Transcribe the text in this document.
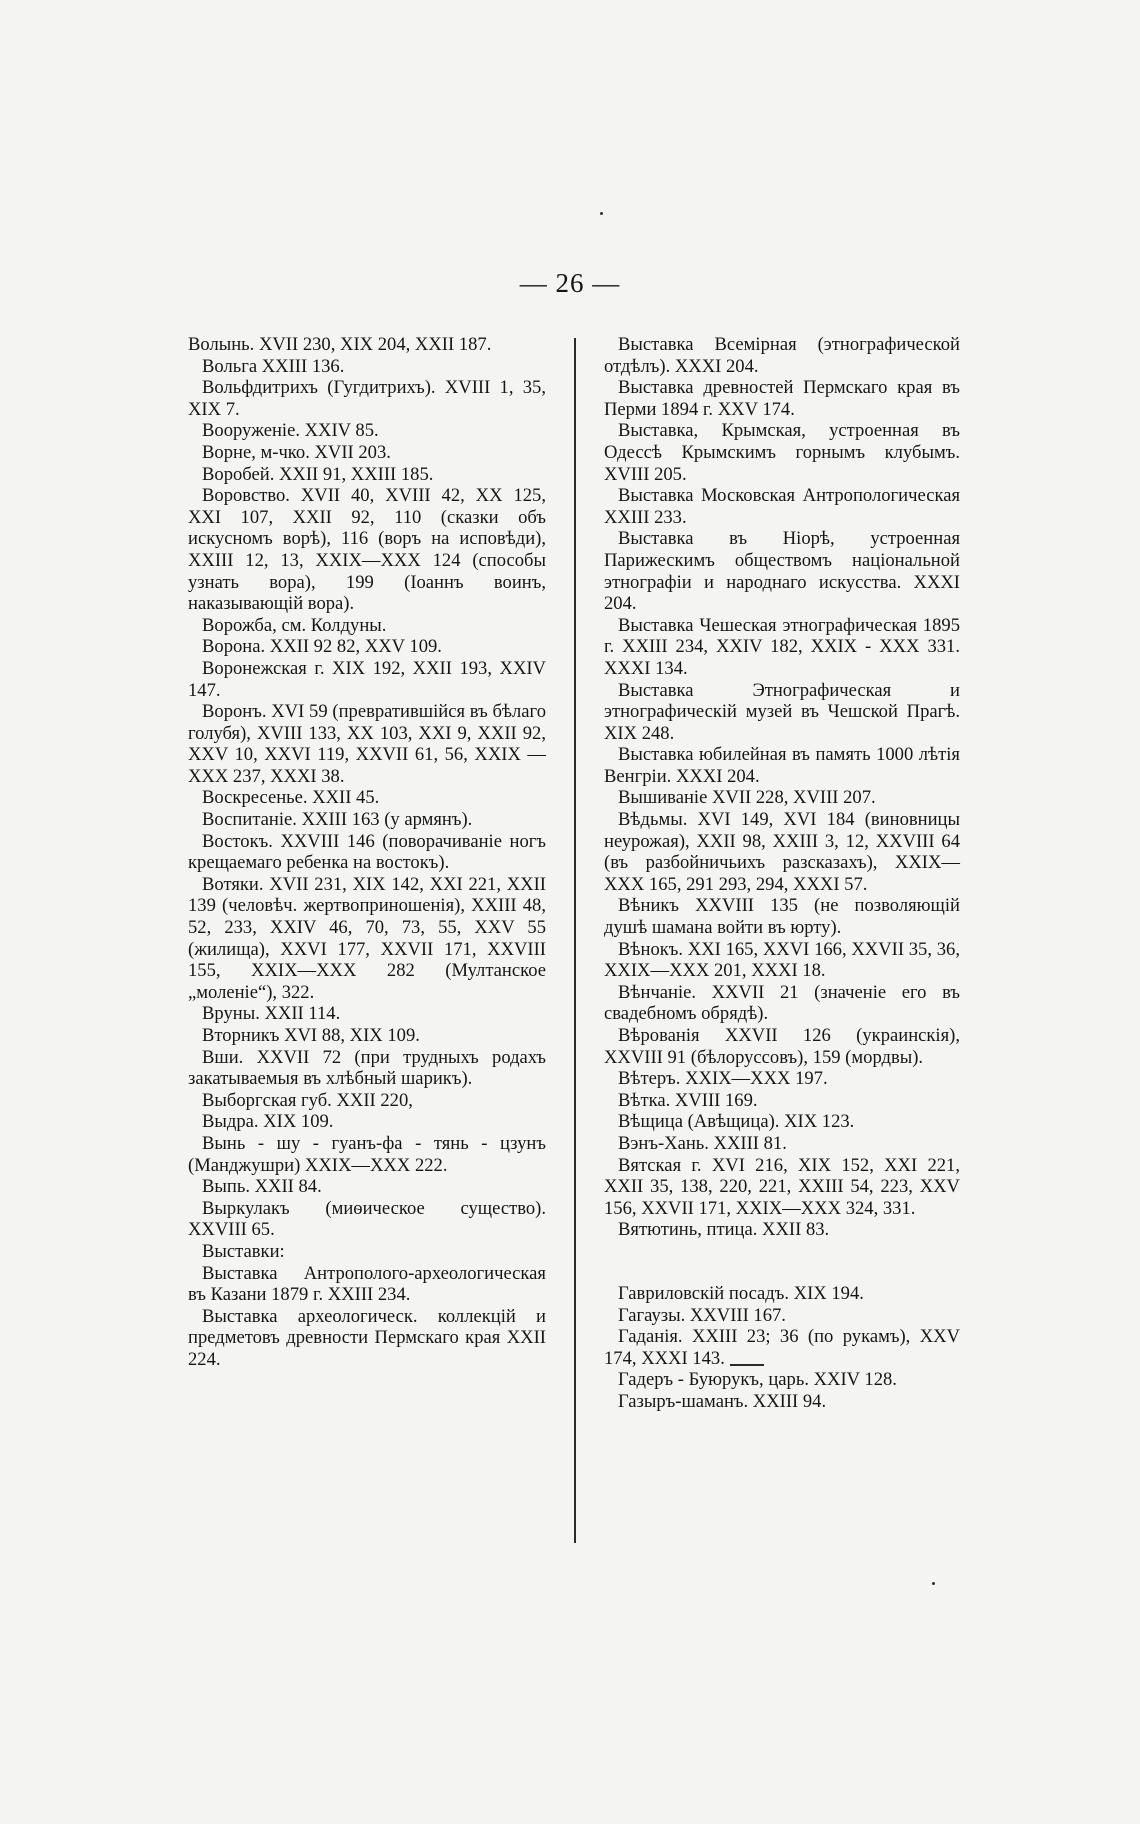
— 26 —

Волынь. XVII 230, XIX 204, XXII 187.

Вольга XXIII 136.

Вольфдитрихъ (Гугдитрихъ). XVIII 1, 35, XIX 7.

Вооруженіе. XXIV 85.

Ворне, м-чко. XVII 203.

Воробей. XXII 91, XXIII 185.

Воровство. XVII 40, XVIII 42, XX 125, XXI 107, XXII 92, 110 (сказки объ искусномъ ворѣ), 116 (воръ на исповѣди), XXIII 12, 13, XXIX—XXX 124 (способы узнать вора), 199 (Іоаннъ воинъ, наказывающій вора).

Ворожба, см. Колдуны.

Ворона. XXII 92 82, XXV 109.

Воронежская г. XIX 192, XXII 193, XXIV 147.

Воронъ. XVI 59 (превратившійся въ бѣлаго голубя), XVIII 133, XX 103, XXI 9, XXII 92, XXV 10, XXVI 119, XXVII 61, 56, XXIX — XXX 237, XXXI 38.

Воскресенье. XXII 45.

Воспитаніе. XXIII 163 (у армянъ).

Востокъ. XXVIII 146 (поворачиваніе ногъ крещаемаго ребенка на востокъ).

Вотяки. XVII 231, XIX 142, XXI 221, XXII 139 (человѣч. жертвоприношенія), XXIII 48, 52, 233, XXIV 46, 70, 73, 55, XXV 55 (жилища), XXVI 177, XXVII 171, XXVIII 155, XXIX—XXX 282 (Мултанское „моленіе“), 322.

Вруны. XXII 114.

Вторникъ XVI 88, XIX 109.

Вши. XXVII 72 (при трудныхъ родахъ закатываемыя въ хлѣбный шарикъ).

Выборгская губ. XXII 220,

Выдра. XIX 109.

Вынь - шу - гуанъ-фа - тянь - цзунъ (Манджушри) XXIX—XXX 222.

Выпь. XXII 84.

Выркулакъ (миѳическое существо). XXVIII 65.

Выставки:

Выставка Антрополого-археологическая въ Казани 1879 г. XXIII 234.

Выставка археологическ. коллекцій и предметовъ древности Пермскаго края XXII 224.

Выставка Всемірная (этнографической отдѣлъ). XXXI 204.

Выставка древностей Пермскаго края въ Перми 1894 г. XXV 174.

Выставка, Крымская, устроенная въ Одессѣ Крымскимъ горнымъ клубымъ. XVIII 205.

Выставка Московская Антропологическая XXIII 233.

Выставка въ Ніорѣ, устроенная Парижескимъ обществомъ національной этнографіи и народнаго искусства. XXXI 204.

Выставка Чешеская этнографическая 1895 г. XXIII 234, XXIV 182, XXIX - XXX 331. XXXI 134.

Выставка Этнографическая и этнографическій музей въ Чешской Прагѣ. XIX 248.

Выставка юбилейная въ память 1000 лѣтія Венгріи. XXXI 204.

Вышиваніе XVII 228, XVIII 207.

Вѣдьмы. XVI 149, XVI 184 (виновницы неурожая), XXII 98, XXIII 3, 12, XXVIII 64 (въ разбойничьихъ разсказахъ), XXIX—XXX 165, 291 293, 294, XXXI 57.

Вѣникъ XXVIII 135 (не позволяющій душѣ шамана войти въ юрту).

Вѣнокъ. XXI 165, XXVI 166, XXVII 35, 36, XXIX—XXX 201, XXXI 18.

Вѣнчаніе. XXVII 21 (значеніе его въ свадебномъ обрядѣ).

Вѣрованія XXVII 126 (украинскія), XXVIII 91 (бѣлоруссовъ), 159 (мордвы).

Вѣтеръ. XXIX—XXX 197.

Вѣтка. XVIII 169.

Вѣщица (Авѣщица). XIX 123.

Вэнъ-Хань. XXIII 81.

Вятская г. XVI 216, XIX 152, XXI 221, XXII 35, 138, 220, 221, XXIII 54, 223, XXV 156, XXVII 171, XXIX—XXX 324, 331.

Вятютинь, птица. XXII 83.

Гавриловскій посадъ. XIX 194.

Гагаузы. XXVIII 167.

Гаданія. XXIII 23; 36 (по рукамъ), XXV 174, XXXI 143.

Гадеръ - Буюрукъ, царь. XXIV 128.

Газыръ-шаманъ. XXIII 94.
